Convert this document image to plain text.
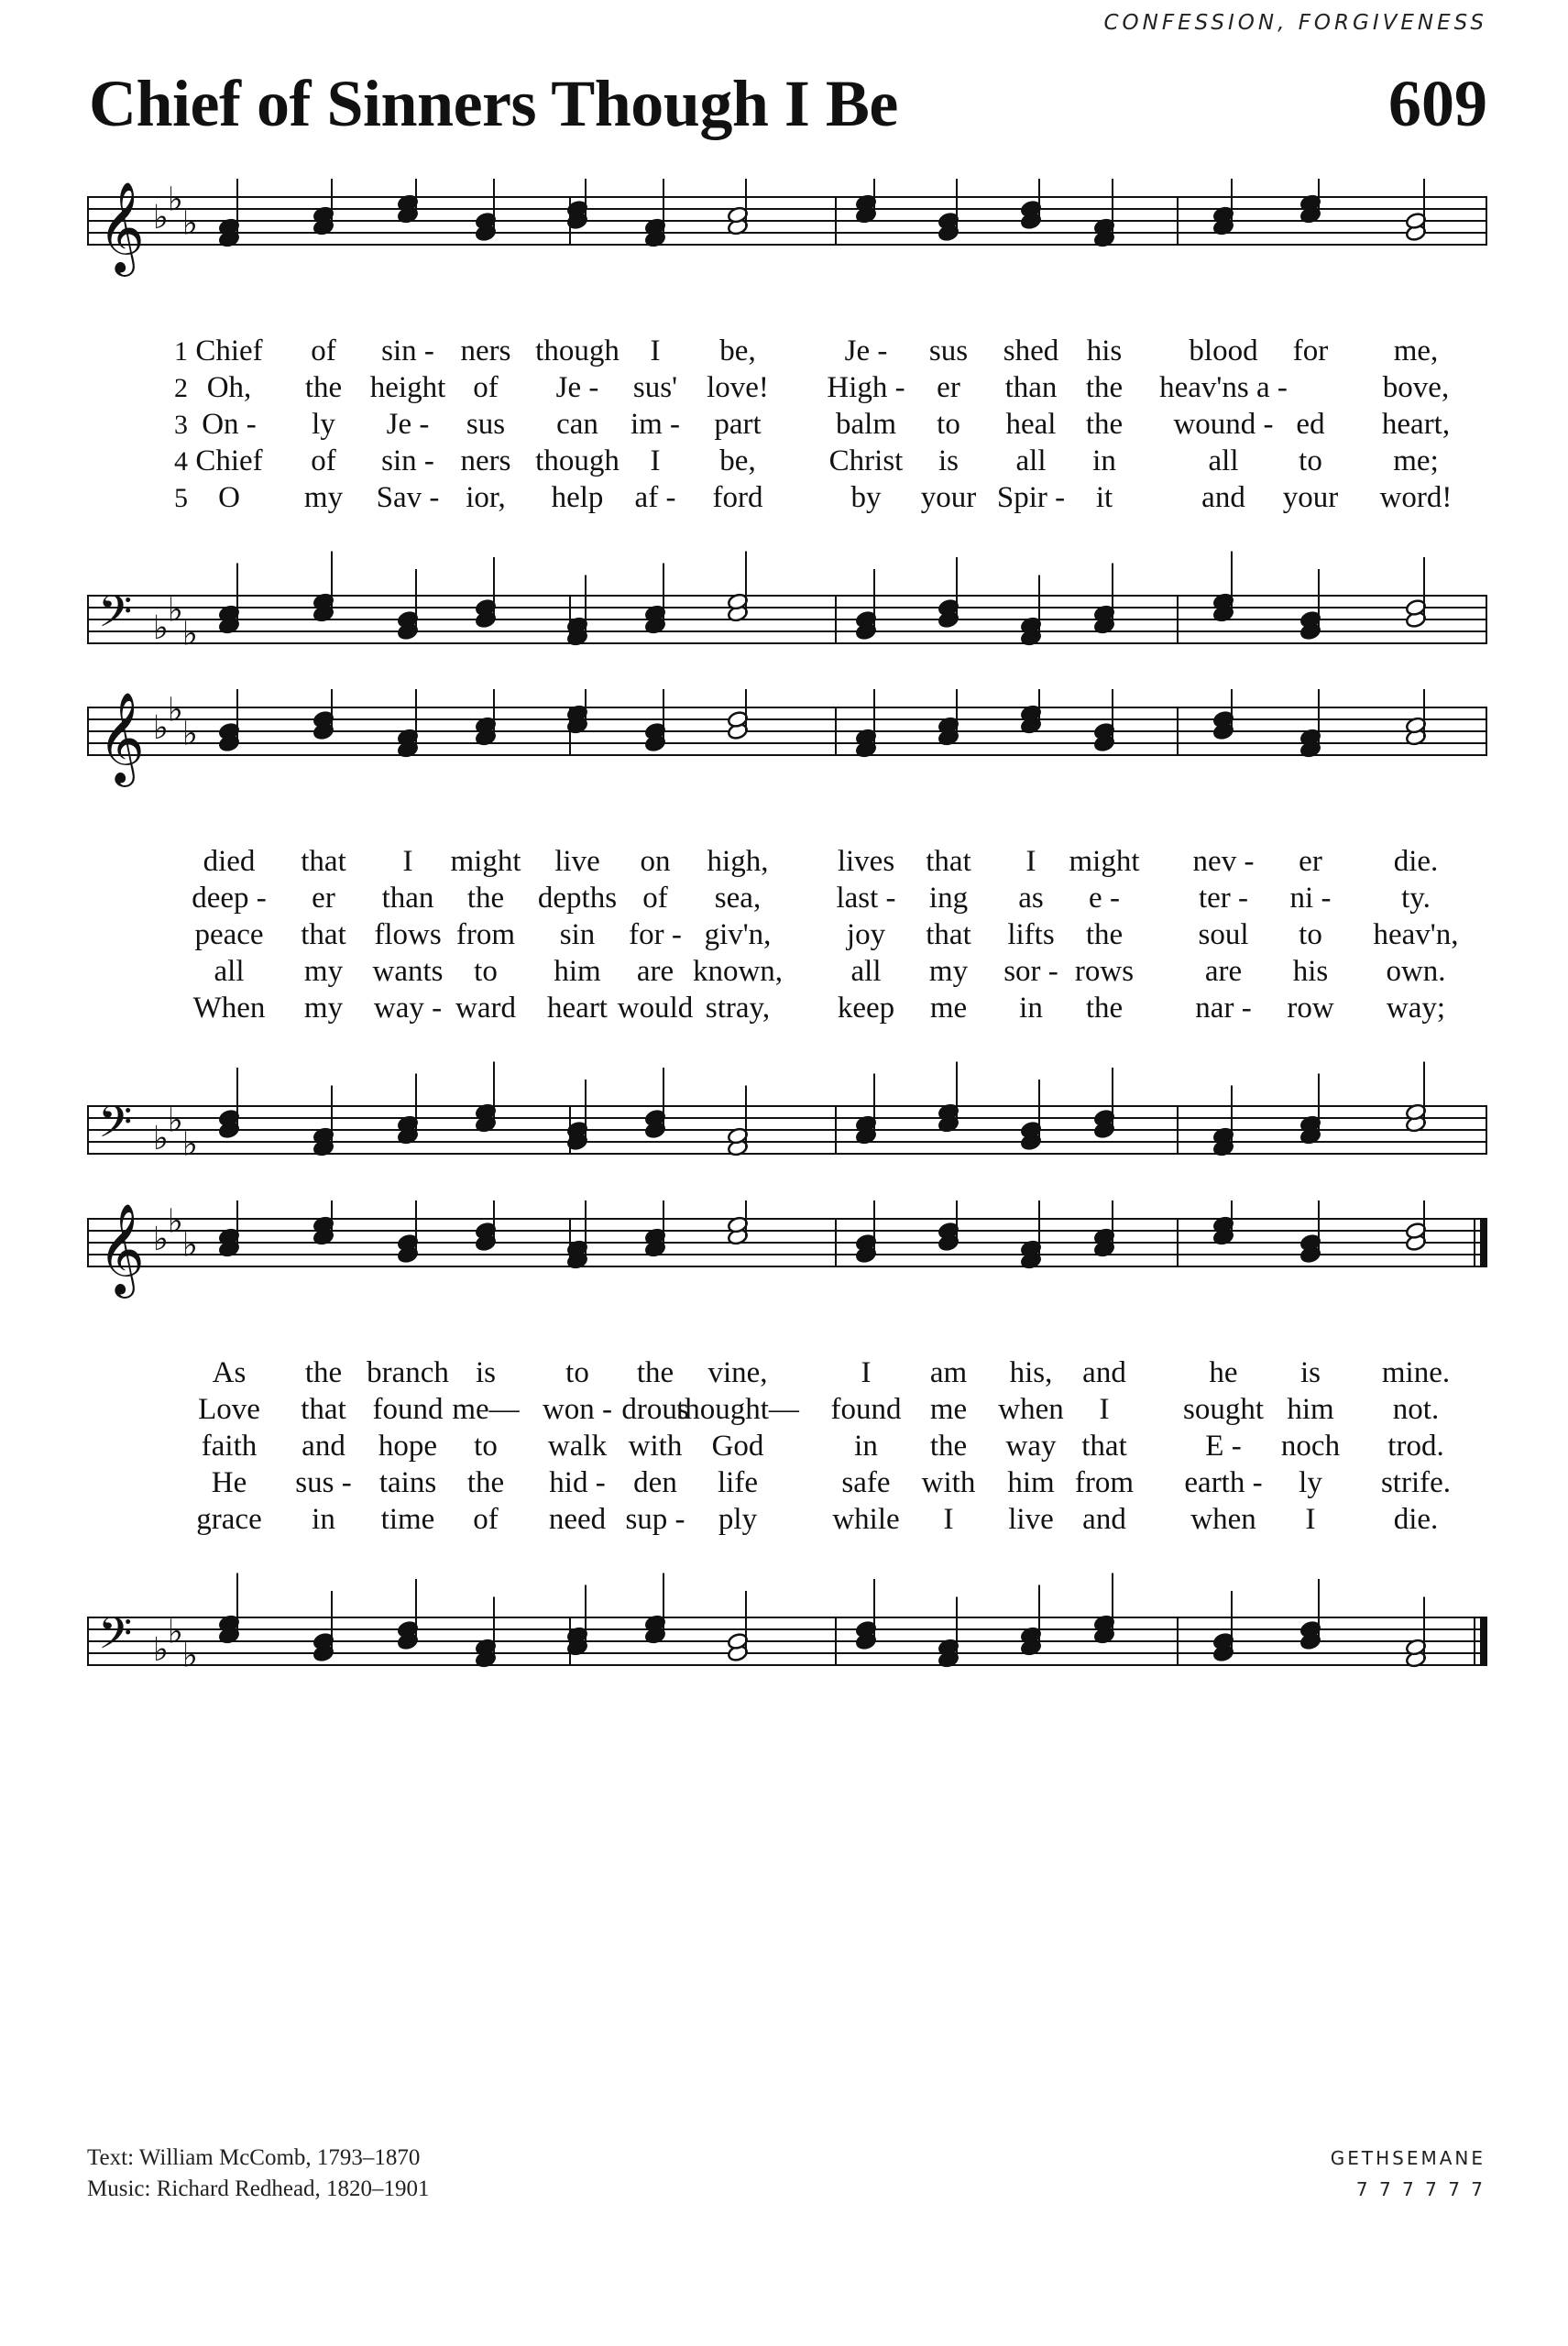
CONFESSION, FORGIVENESS
Chief of Sinners Though I Be	609
𝄞 ♭ ♭
♭
1 Chief of sin - ners though I be,	Je - sus shed his blood for me,
2 Oh, the height of Je - sus' love! High - er than the heav'ns a -	bove,
3 On - ly Je - sus can im - part balm to heal the wound - ed heart,
4 Chief of sin - ners though I be, Christ is all in	all to me;
5 O my Sav - ior, help af - ford	by your Spir - it	and your word!
𝄢 ♭ ♭
♭
𝄞 ♭ ♭
♭
died that I might live on high, lives that I might nev - er die.
deep - er than the depths of sea, last - ing as e -	ter - ni - ty.
peace that flows from sin for - giv'n, joy that lifts the soul to heav'n,
all my wants to him are known, all my sor - rows are his own.
When my way - ward heart would stray, keep me in the nar - row way;
𝄢 ♭ ♭
♭
𝄞 ♭ ♭
♭
As the branch is to the vine,	I am his, and	he is mine.
Love that found me— won - drous
thought— found me when I sought him not.
faith and hope to walk with God	in the way that	E - noch trod.
He sus - tains the hid - den life	safe with him from earth - ly strife.
grace in time of need sup - ply while I live and when I	die.
𝄢 ♭ ♭
♭
Text: William McComb, 1793–1870
Music: Richard Redhead, 1820–1901
GETHSEMANE
7 7 7 7 7 7
